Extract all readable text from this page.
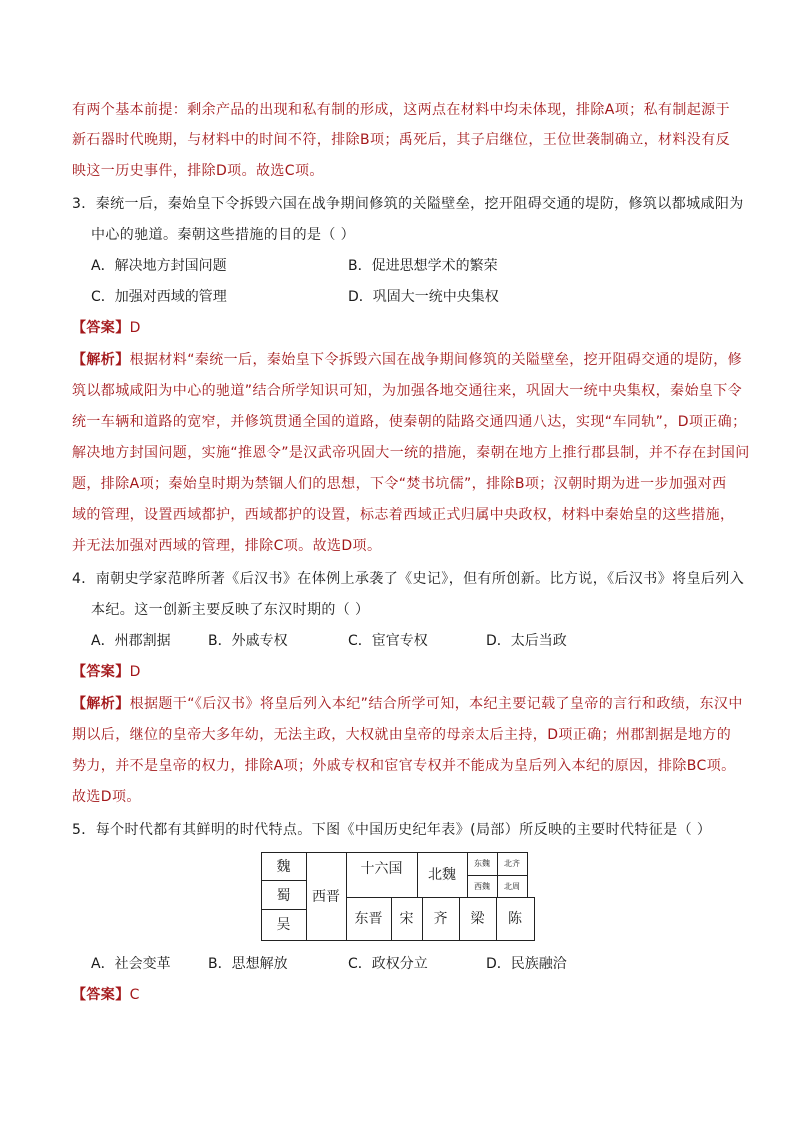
有两个基本前提：剩余产品的出现和私有制的形成，这两点在材料中均未体现，排除A项；私有制起源于
新石器时代晚期，与材料中的时间不符，排除B项；禹死后，其子启继位，王位世袭制确立，材料没有反
映这一历史事件，排除D项。故选C项。
3．秦统一后，秦始皇下令拆毁六国在战争期间修筑的关隘壁垒，挖开阻碍交通的堤防，修筑以都城咸阳为
中心的驰道。秦朝这些措施的目的是（ ）
A．解决地方封国问题	B．促进思想学术的繁荣
C．加强对西域的管理	D．巩固大一统中央集权
【答案】D
【解析】根据材料“秦统一后，秦始皇下令拆毁六国在战争期间修筑的关隘壁垒，挖开阻碍交通的堤防，修
筑以都城咸阳为中心的驰道”结合所学知识可知，为加强各地交通往来，巩固大一统中央集权，秦始皇下令
统一车辆和道路的宽窄，并修筑贯通全国的道路，使秦朝的陆路交通四通八达，实现“车同轨”，D项正确；
解决地方封国问题，实施“推恩令”是汉武帝巩固大一统的措施，秦朝在地方上推行郡县制，并不存在封国问
题，排除A项；秦始皇时期为禁锢人们的思想，下令“焚书坑儒”，排除B项；汉朝时期为进一步加强对西
域的管理，设置西域都护，西域都护的设置，标志着西域正式归属中央政权，材料中秦始皇的这些措施，
并无法加强对西域的管理，排除C项。故选D项。
4．南朝史学家范晔所著《后汉书》在体例上承袭了《史记》，但有所创新。比方说，《后汉书》将皇后列入
本纪。这一创新主要反映了东汉时期的（ ）
A．州郡割据	B．外戚专权	C．宦官专权	D．太后当政
【答案】D
【解析】根据题干“《后汉书》将皇后列入本纪”结合所学可知，本纪主要记载了皇帝的言行和政绩，东汉中
期以后，继位的皇帝大多年幼，无法主政，大权就由皇帝的母亲太后主持，D项正确；州郡割据是地方的
势力，并不是皇帝的权力，排除A项；外戚专权和宦官专权并不能成为皇后列入本纪的原因，排除BC项。
故选D项。
5．每个时代都有其鲜明的时代特点。下图《中国历史纪年表》(局部）所反映的主要时代特征是（ ）
魏
蜀
吴
西晋
十六国	北魏
东魏	北齐
西魏	北周
东晋	宋	齐	梁	陈
A．社会变革	B．思想解放	C．政权分立	D．民族融洽
【答案】C
